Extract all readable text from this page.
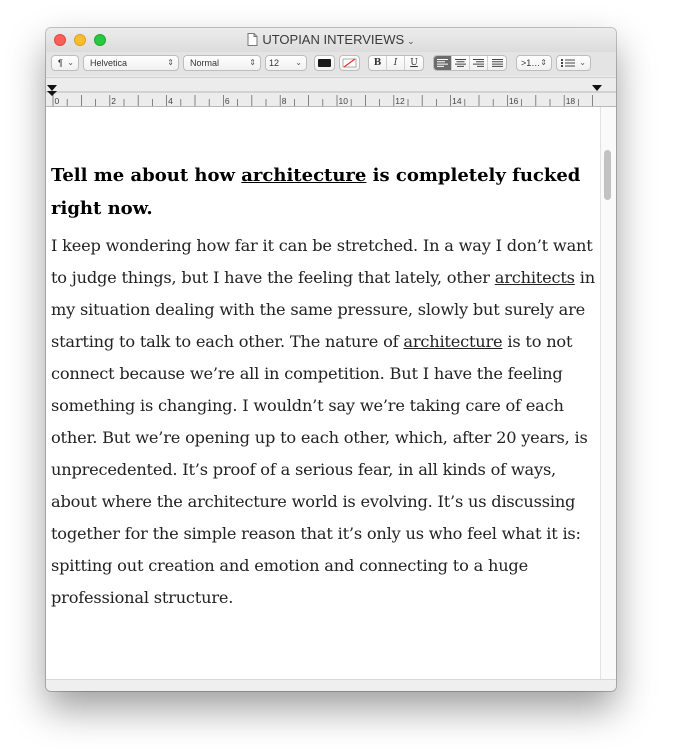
UTOPIAN INTERVIEWS ⌄
¶ ⌄ Helvetica	⇕ Normal	⇕ 12 ⌄	B I U	>1… ⇕	⌄
0	2	4	6	8	10	12	14	16	18

Tell me about how architecture is completely fucked right now.

I keep wondering how far it can be stretched. In a way I don’t want to judge things, but I have the feeling that lately, other architects in my situation dealing with the same pressure, slowly but surely are starting to talk to each other. The nature of architecture is to not connect because we’re all in competition. But I have the feeling something is changing. I wouldn’t say we’re taking care of each other. But we’re opening up to each other, which, after 20 years, is unprecedented. It’s proof of a serious fear, in all kinds of ways, about where the architecture world is evolving. It’s us discussing together for the simple reason that it’s only us who feel what it is: spitting out creation and emotion and connecting to a huge professional structure.
